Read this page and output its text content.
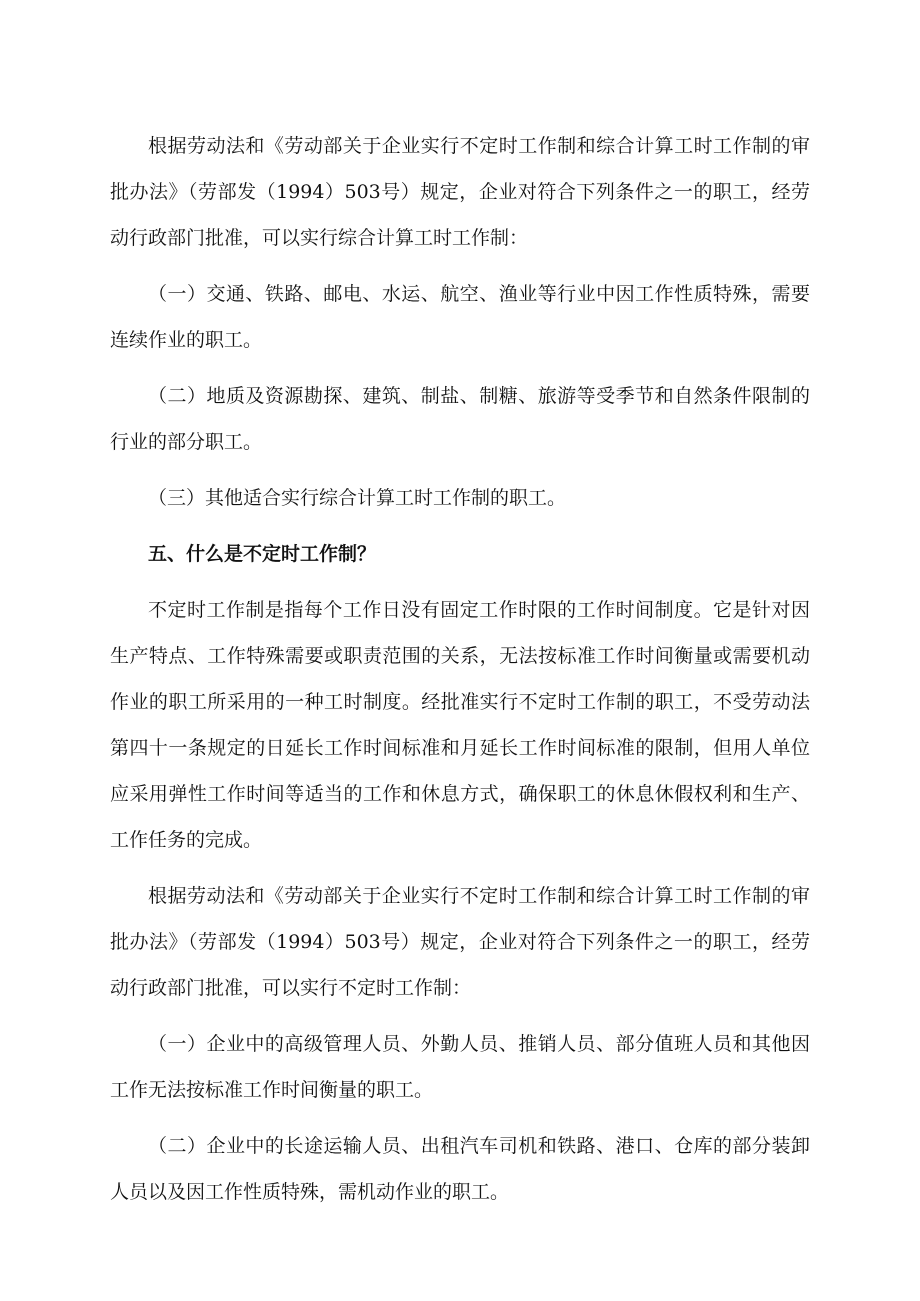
根据劳动法和《劳动部关于企业实行不定时工作制和综合计算工时工作制的审批办法》（劳部发（1994）503号）规定，企业对符合下列条件之一的职工，经劳动行政部门批准，可以实行综合计算工时工作制：

（一）交通、铁路、邮电、水运、航空、渔业等行业中因工作性质特殊，需要连续作业的职工。

（二）地质及资源勘探、建筑、制盐、制糖、旅游等受季节和自然条件限制的行业的部分职工。

（三）其他适合实行综合计算工时工作制的职工。

五、什么是不定时工作制？

不定时工作制是指每个工作日没有固定工作时限的工作时间制度。它是针对因生产特点、工作特殊需要或职责范围的关系，无法按标准工作时间衡量或需要机动作业的职工所采用的一种工时制度。经批准实行不定时工作制的职工，不受劳动法第四十一条规定的日延长工作时间标准和月延长工作时间标准的限制，但用人单位应采用弹性工作时间等适当的工作和休息方式，确保职工的休息休假权利和生产、工作任务的完成。

根据劳动法和《劳动部关于企业实行不定时工作制和综合计算工时工作制的审批办法》（劳部发（1994）503号）规定，企业对符合下列条件之一的职工，经劳动行政部门批准，可以实行不定时工作制：

（一）企业中的高级管理人员、外勤人员、推销人员、部分值班人员和其他因工作无法按标准工作时间衡量的职工。

（二）企业中的长途运输人员、出租汽车司机和铁路、港口、仓库的部分装卸人员以及因工作性质特殊，需机动作业的职工。
